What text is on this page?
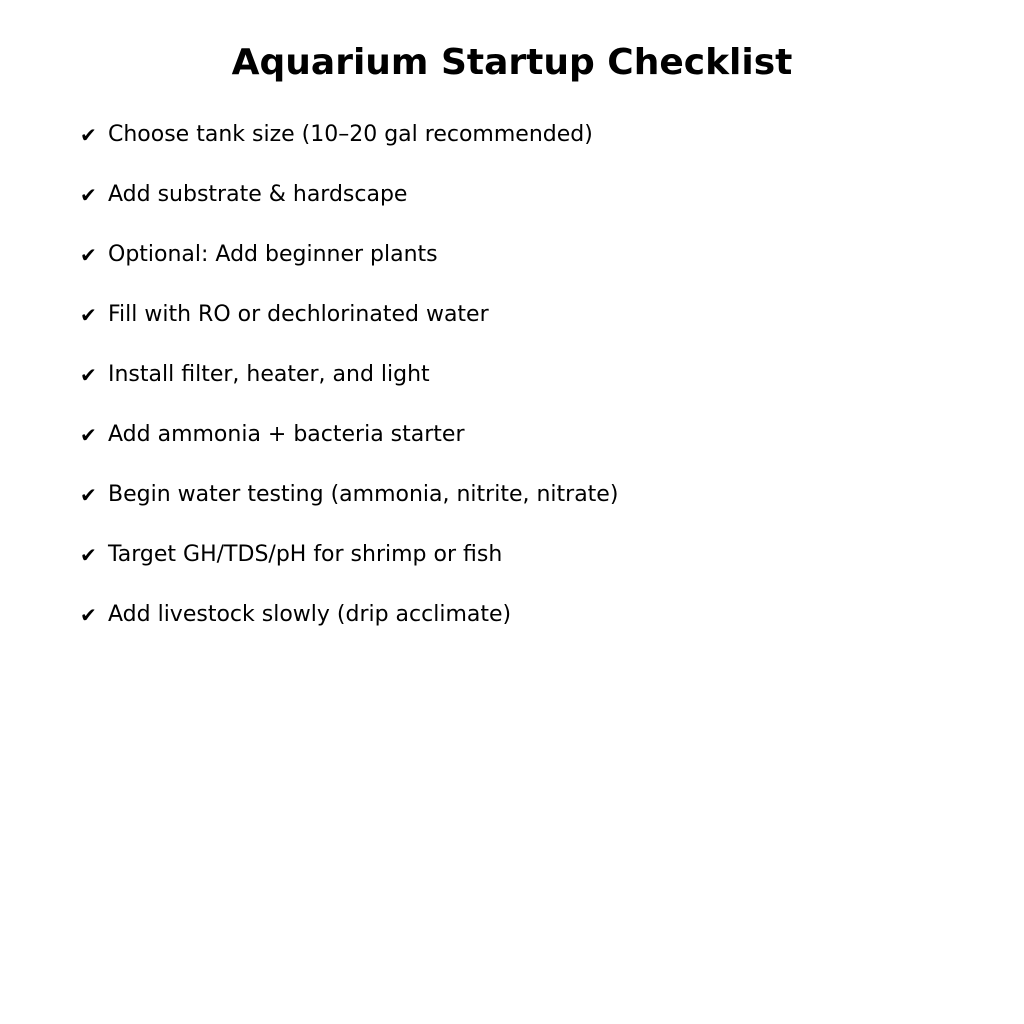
Aquarium Startup Checklist
✔ Choose tank size (10–20 gal recommended)
✔ Add substrate & hardscape
✔ Optional: Add beginner plants
✔ Fill with RO or dechlorinated water
✔ Install filter, heater, and light
✔ Add ammonia + bacteria starter
✔ Begin water testing (ammonia, nitrite, nitrate)
✔ Target GH/TDS/pH for shrimp or fish
✔ Add livestock slowly (drip acclimate)
